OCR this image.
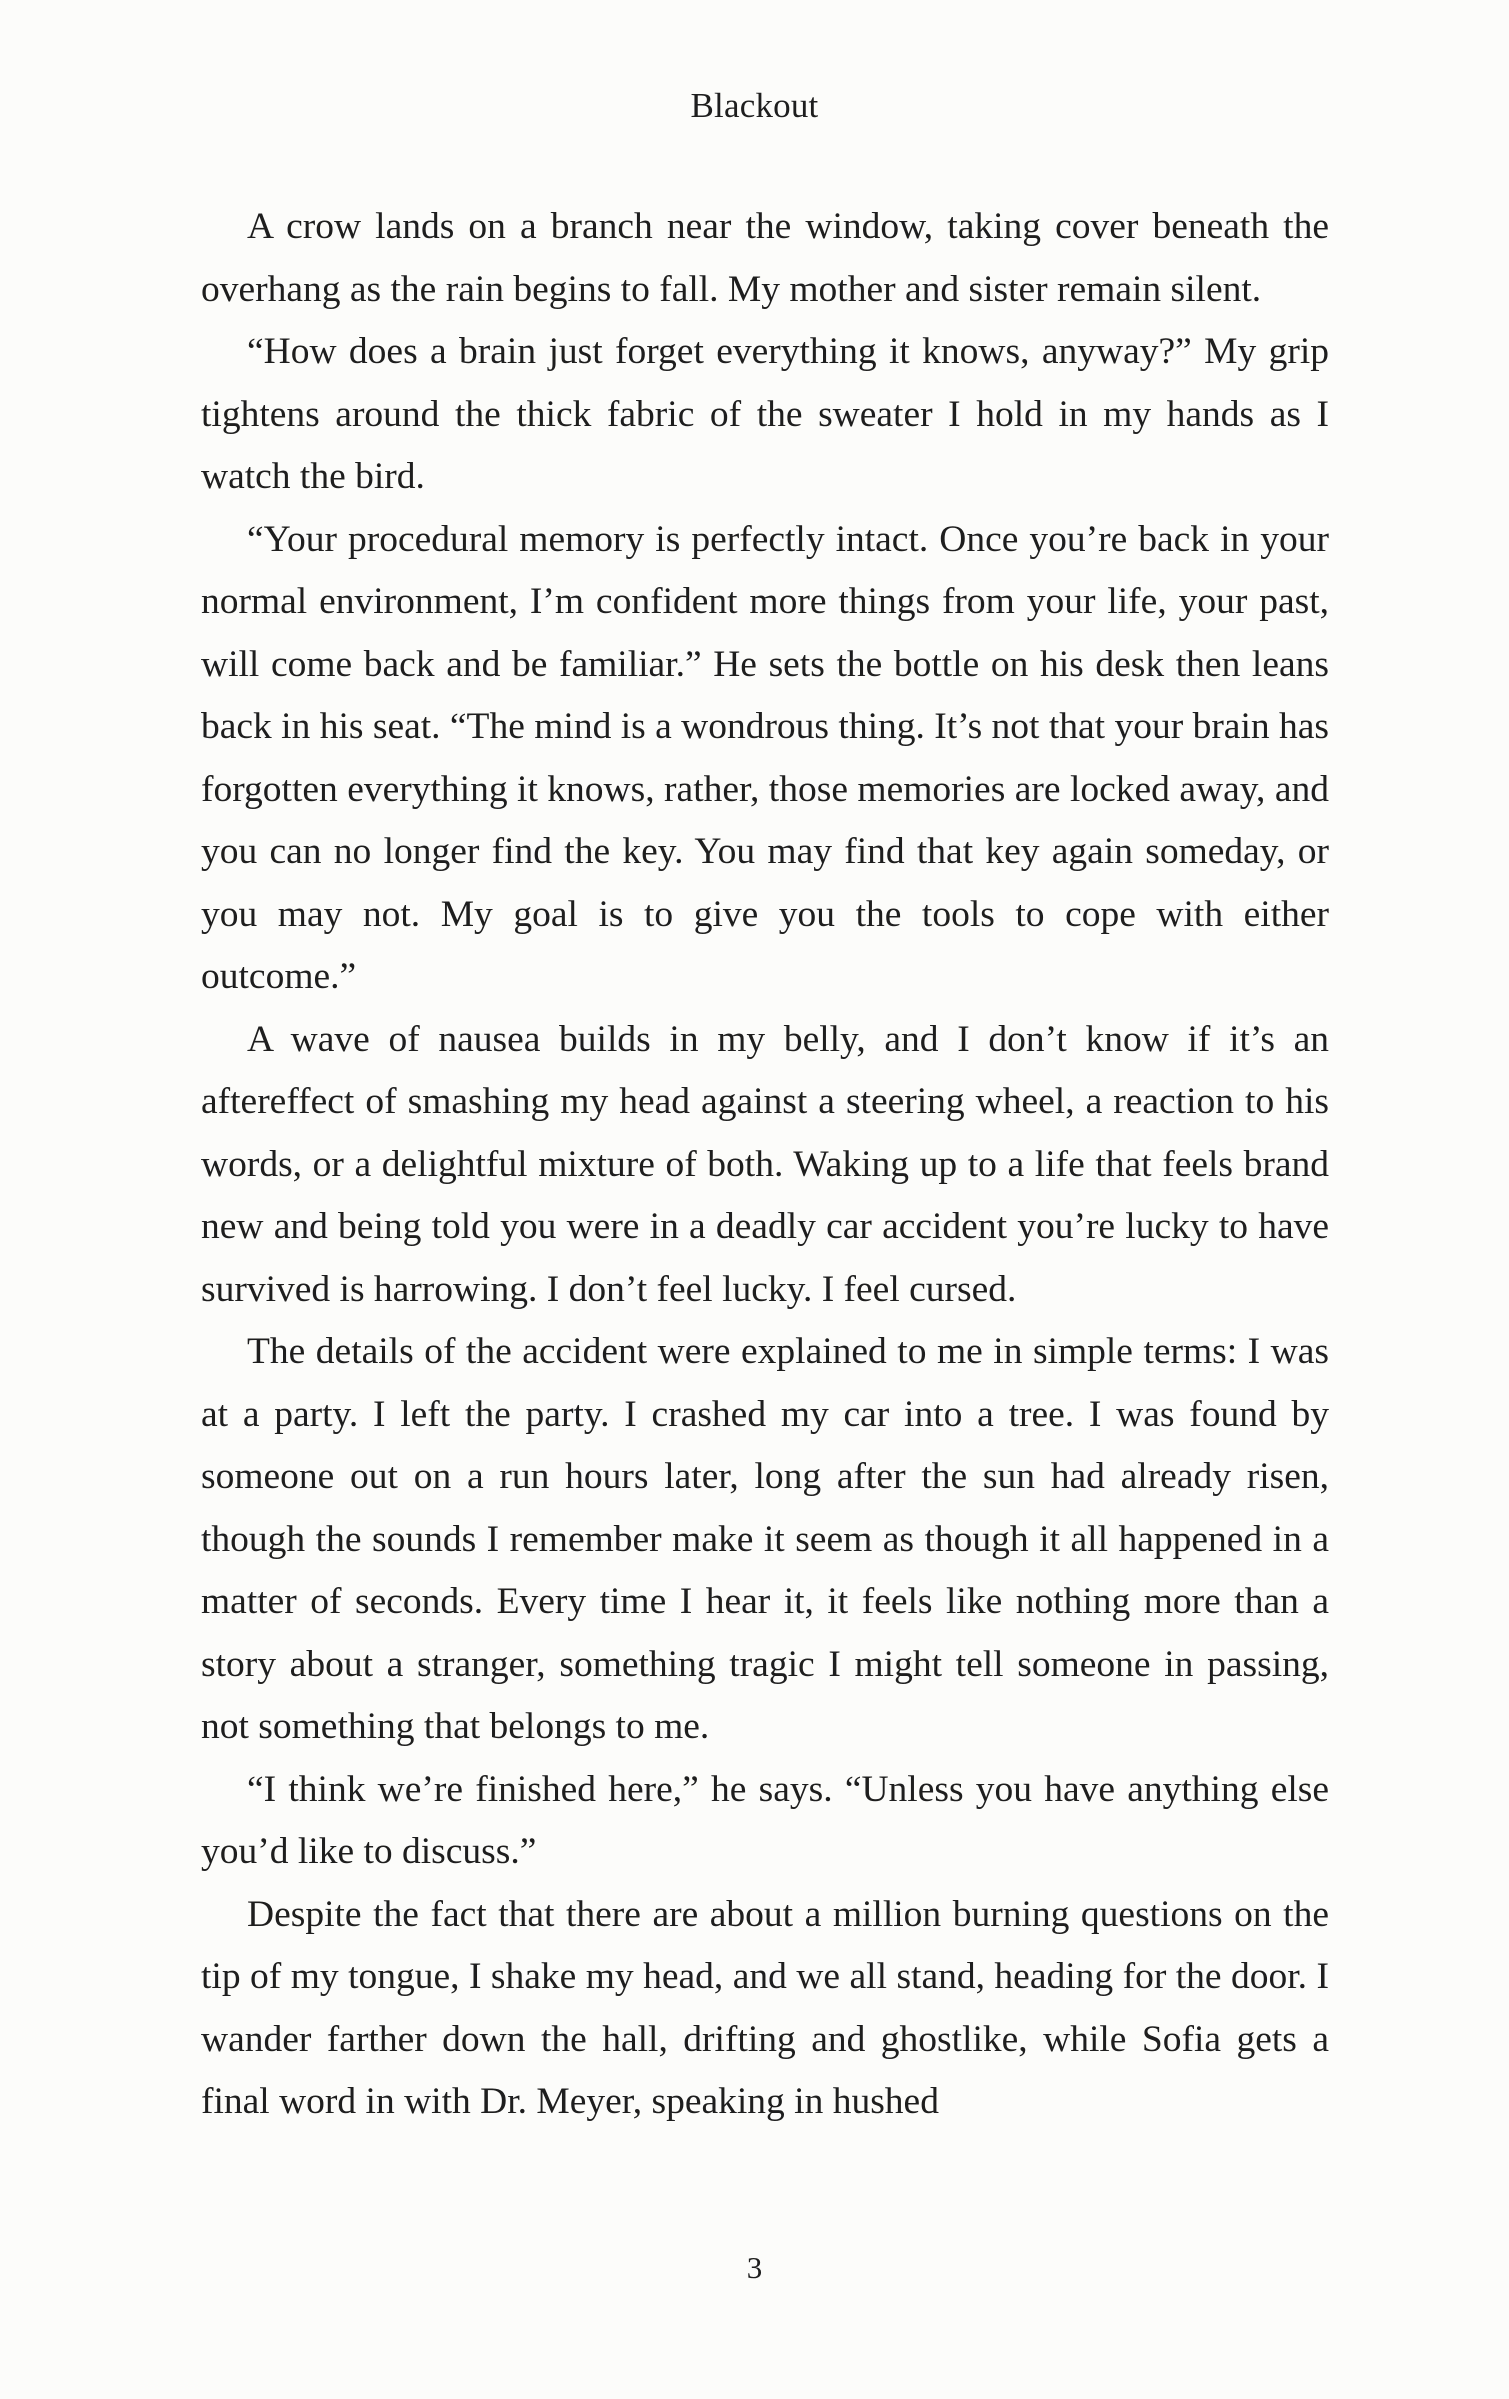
Blackout

A crow lands on a branch near the window, taking cover beneath the overhang as the rain begins to fall. My mother and sister remain silent.

“How does a brain just forget everything it knows, anyway?” My grip tightens around the thick fabric of the sweater I hold in my hands as I watch the bird.

“Your procedural memory is perfectly intact. Once you’re back in your normal environment, I’m confident more things from your life, your past, will come back and be familiar.” He sets the bottle on his desk then leans back in his seat. “The mind is a wondrous thing. It’s not that your brain has forgotten everything it knows, rather, those memories are locked away, and you can no longer find the key. You may find that key again someday, or you may not. My goal is to give you the tools to cope with either outcome.”

A wave of nausea builds in my belly, and I don’t know if it’s an aftereffect of smashing my head against a steering wheel, a reaction to his words, or a delightful mixture of both. Waking up to a life that feels brand new and being told you were in a deadly car accident you’re lucky to have survived is harrowing. I don’t feel lucky. I feel cursed.

The details of the accident were explained to me in simple terms: I was at a party. I left the party. I crashed my car into a tree. I was found by someone out on a run hours later, long after the sun had already risen, though the sounds I remember make it seem as though it all happened in a matter of seconds. Every time I hear it, it feels like nothing more than a story about a stranger, something tragic I might tell someone in passing, not something that belongs to me.

“I think we’re finished here,” he says. “Unless you have anything else you’d like to discuss.”

Despite the fact that there are about a million burning questions on the tip of my tongue, I shake my head, and we all stand, heading for the door. I wander farther down the hall, drifting and ghostlike, while Sofia gets a final word in with Dr. Meyer, speaking in hushed

3
